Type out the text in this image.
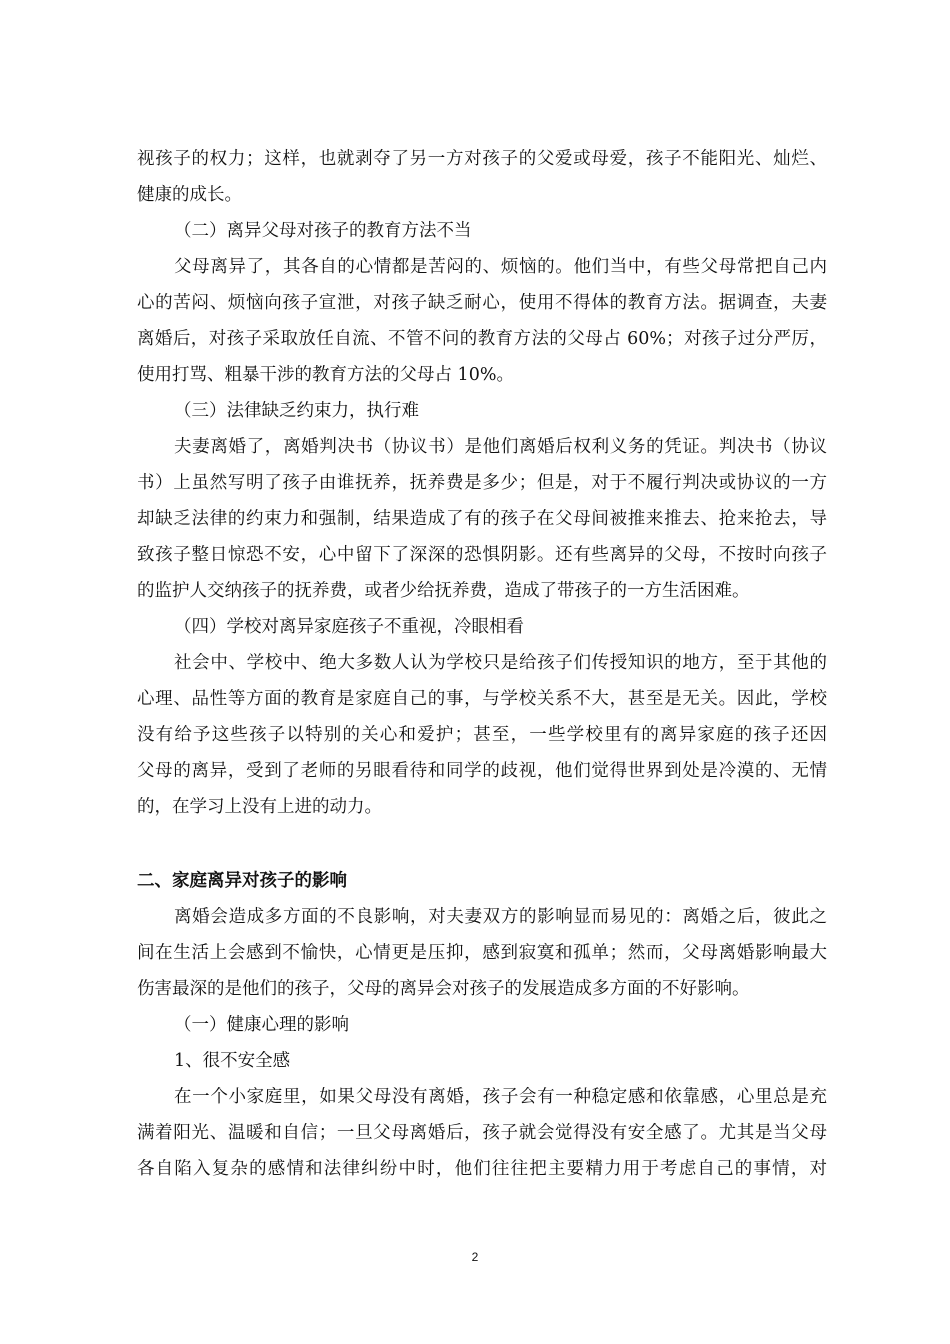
视孩子的权力；这样，也就剥夺了另一方对孩子的父爱或母爱，孩子不能阳光、灿烂、
健康的成长。
（二）离异父母对孩子的教育方法不当
父母离异了，其各自的心情都是苦闷的、烦恼的。他们当中，有些父母常把自己内
心的苦闷、烦恼向孩子宣泄，对孩子缺乏耐心，使用不得体的教育方法。据调查，夫妻
离婚后，对孩子采取放任自流、不管不问的教育方法的父母占 60%；对孩子过分严厉，
使用打骂、粗暴干涉的教育方法的父母占 10%。
（三）法律缺乏约束力，执行难
夫妻离婚了，离婚判决书（协议书）是他们离婚后权利义务的凭证。判决书（协议
书）上虽然写明了孩子由谁抚养，抚养费是多少；但是，对于不履行判决或协议的一方
却缺乏法律的约束力和强制，结果造成了有的孩子在父母间被推来推去、抢来抢去，导
致孩子整日惊恐不安，心中留下了深深的恐惧阴影。还有些离异的父母，不按时向孩子
的监护人交纳孩子的抚养费，或者少给抚养费，造成了带孩子的一方生活困难。
（四）学校对离异家庭孩子不重视，冷眼相看
社会中、学校中、绝大多数人认为学校只是给孩子们传授知识的地方，至于其他的
心理、品性等方面的教育是家庭自己的事，与学校关系不大，甚至是无关。因此，学校
没有给予这些孩子以特别的关心和爱护；甚至，一些学校里有的离异家庭的孩子还因
父母的离异，受到了老师的另眼看待和同学的歧视，他们觉得世界到处是冷漠的、无情
的，在学习上没有上进的动力。
二、家庭离异对孩子的影响
离婚会造成多方面的不良影响，对夫妻双方的影响显而易见的：离婚之后，彼此之
间在生活上会感到不愉快，心情更是压抑，感到寂寞和孤单；然而，父母离婚影响最大
伤害最深的是他们的孩子，父母的离异会对孩子的发展造成多方面的不好影响。
（一）健康心理的影响
1、很不安全感
在一个小家庭里，如果父母没有离婚，孩子会有一种稳定感和依靠感，心里总是充
满着阳光、温暖和自信；一旦父母离婚后，孩子就会觉得没有安全感了。尤其是当父母
各自陷入复杂的感情和法律纠纷中时，他们往往把主要精力用于考虑自己的事情，对
2
